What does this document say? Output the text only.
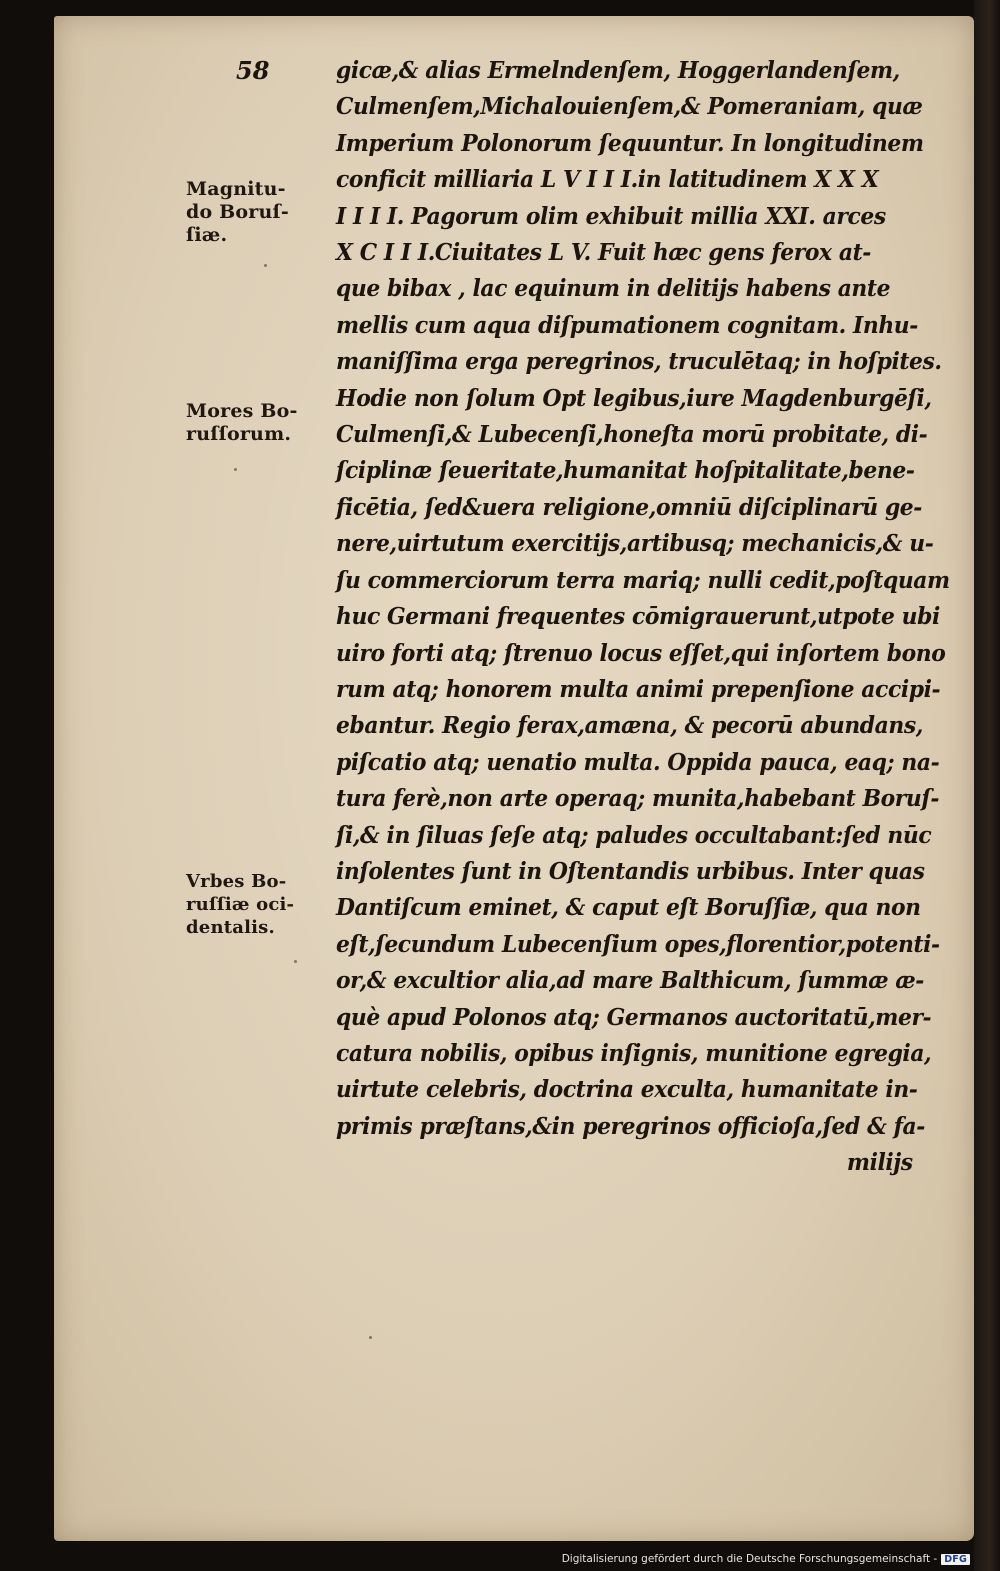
58
Magnitu-
do Boruſ-
ſiæ.
Mores Bo-
ruſſorum.
Vrbes Bo-
ruſſiæ oci-
dentalis.
gicæ,& alias Ermelndenſem, Hoggerlandenſem,
Culmenſem,Michalouienſem,& Pomeraniam, quæ
Imperium Polonorum ſequuntur. In longitudinem
conficit milliaria L V I I I.in latitudinem X X X
I I I I. Pagorum olim exhibuit millia XXI. arces
X C I I I.Ciuitates L V. Fuit hæc gens ferox at-
que bibax , lac equinum in delitijs habens ante
mellis cum aqua diſpumationem cognitam. Inhu-
maniſſima erga peregrinos, truculētaq; in hoſpites.
Hodie non ſolum Opt legibus,iure Magdenburgēſi,
Culmenſi,& Lubecenſi,honeſta morū probitate, di-
ſciplinæ ſeueritate,humanitat hoſpitalitate,bene-
ficētia, ſed&uera religione,omniū diſciplinarū ge-
nere,uirtutum exercitijs,artibusq; mechanicis,& u-
ſu commerciorum terra mariq; nulli cedit,poſtquam
huc Germani frequentes cōmigrauerunt,utpote ubi
uiro forti atq; ſtrenuo locus eſſet,qui inſortem bono
rum atq; honorem multa animi prepenſione accipi-
ebantur. Regio ferax,amæna, & pecorū abundans,
piſcatio atq; uenatio multa. Oppida pauca, eaq; na-
tura ferè,non arte operaq; munita,habebant Boruſ-
ſi,& in ſiluas ſeſe atq; paludes occultabant:ſed nūc
inſolentes ſunt in Oſtentandis urbibus. Inter quas
Dantiſcum eminet, & caput eſt Boruſſiæ, qua non
eſt,ſecundum Lubecenſium opes,florentior,potenti-
or,& excultior alia,ad mare Balthicum, ſummæ æ-
què apud Polonos atq; Germanos auctoritatū,mer-
catura nobilis, opibus inſignis, munitione egregia,
uirtute celebris, doctrina exculta, humanitate in-
primis præſtans,&in peregrinos officioſa,ſed & fa-
milijs
Digitalisierung gefördert durch die Deutsche Forschungsgemeinschaft - DFG
